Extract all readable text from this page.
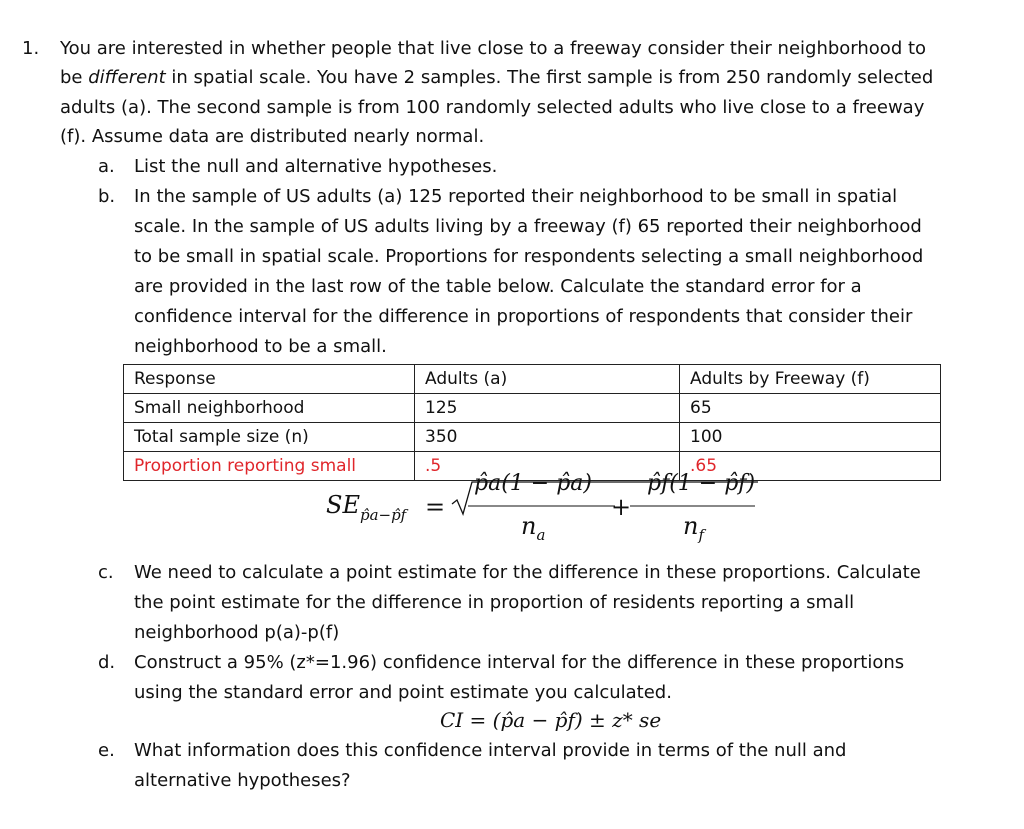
1. You are interested in whether people that live close to a freeway consider their neighborhood to
be different in spatial scale. You have 2 samples. The first sample is from 250 randomly selected
adults (a). The second sample is from 100 randomly selected adults who live close to a freeway
(f). Assume data are distributed nearly normal.
a. List the null and alternative hypotheses.
b. In the sample of US adults (a) 125 reported their neighborhood to be small in spatial
scale. In the sample of US adults living by a freeway (f) 65 reported their neighborhood
to be small in spatial scale. Proportions for respondents selecting a small neighborhood
are provided in the last row of the table below. Calculate the standard error for a
confidence interval for the difference in proportions of respondents that consider their
neighborhood to be a small.
Response	Adults (a)	Adults by Freeway (f)
Small neighborhood	125	65
Total sample size (n)	350	100
Proportion reporting small	.5	.65
$SE_{p̂a-p̂f}$ =
p̂a(1 − p̂a)
+
p̂f(1 − p̂f)
$n_a$	$n_f$
c. We need to calculate a point estimate for the difference in these proportions. Calculate
the point estimate for the difference in proportion of residents reporting a small
neighborhood p(a)-p(f)
d. Construct a 95% (z*=1.96) confidence interval for the difference in these proportions
using the standard error and point estimate you calculated.
CI = (p̂a − p̂f) ± z* se
e. What information does this confidence interval provide in terms of the null and
alternative hypotheses?
